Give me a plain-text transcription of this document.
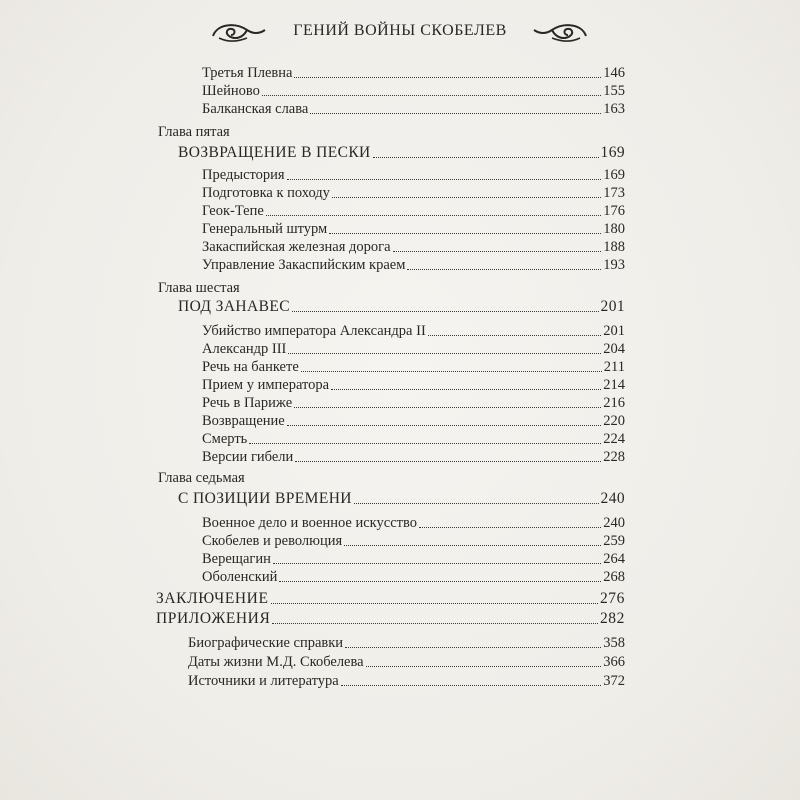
ГЕНИЙ ВОЙНЫ СКОБЕЛЕВ
Третья Плевна	146
Шейново	155
Балканская слава	163
Глава пятая
ВОЗВРАЩЕНИЕ В ПЕСКИ	169
Предыстория	169
Подготовка к походу	173
Геок-Тепе	176
Генеральный штурм	180
Закаспийская железная дорога	188
Управление Закаспийским краем	193
Глава шестая
ПОД ЗАНАВЕС	201
Убийство императора Александра II	201
Александр III	204
Речь на банкете	211
Прием у императора	214
Речь в Париже	216
Возвращение	220
Смерть	224
Версии гибели	228
Глава седьмая
С ПОЗИЦИИ ВРЕМЕНИ	240
Военное дело и военное искусство	240
Скобелев и революция	259
Верещагин	264
Оболенский	268
ЗАКЛЮЧЕНИЕ	276
ПРИЛОЖЕНИЯ	282
Биографические справки	358
Даты жизни М.Д. Скобелева	366
Источники и литература	372
